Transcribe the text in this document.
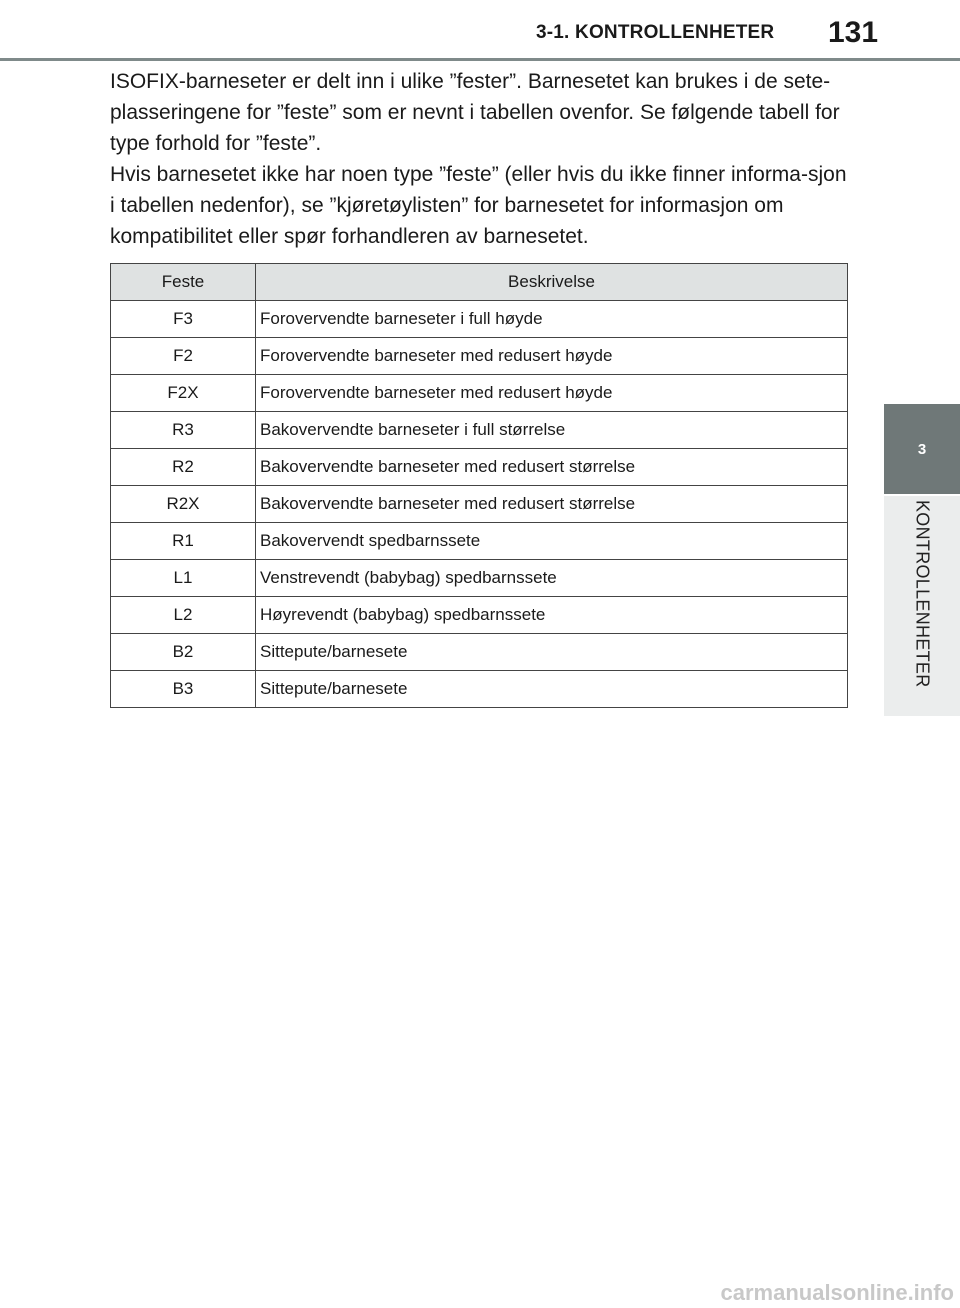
3-1. KONTROLLENHETER 131
3
KONTROLLENHETER

ISOFIX-barneseter er delt inn i ulike ”fester”. Barnesetet kan brukes i de sete-plasseringene for ”feste” som er nevnt i tabellen ovenfor. Se følgende tabell for type forhold for ”feste”.

Hvis barnesetet ikke har noen type ”feste” (eller hvis du ikke finner informa-sjon i tabellen nedenfor), se ”kjøretøylisten” for barnesetet for informasjon om kompatibilitet eller spør forhandleren av barnesetet.

Feste	Beskrivelse
F3	Forovervendte barneseter i full høyde
F2	Forovervendte barneseter med redusert høyde
F2X	Forovervendte barneseter med redusert høyde
R3	Bakovervendte barneseter i full størrelse
R2	Bakovervendte barneseter med redusert størrelse
R2X	Bakovervendte barneseter med redusert størrelse
R1	Bakovervendt spedbarnssete
L1	Venstrevendt (babybag) spedbarnssete
L2	Høyrevendt (babybag) spedbarnssete
B2	Sittepute/barnesete
B3	Sittepute/barnesete
carmanualsonline.info
